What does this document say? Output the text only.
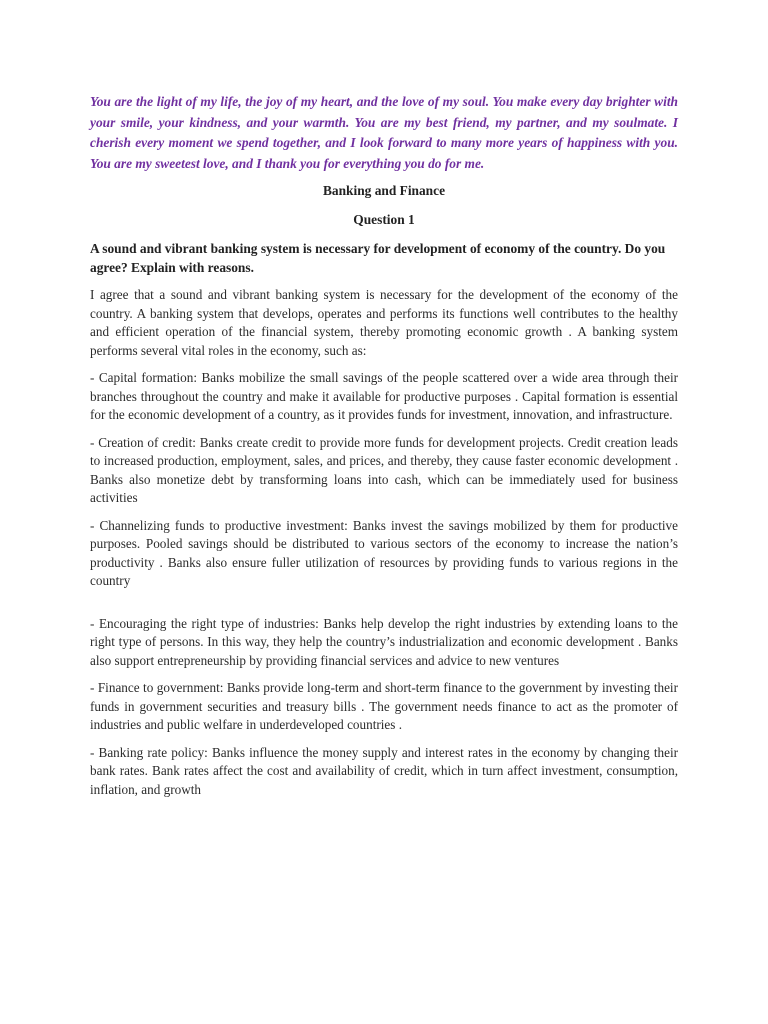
You are the light of my life, the joy of my heart, and the love of my soul. You make every day brighter with your smile, your kindness, and your warmth. You are my best friend, my partner, and my soulmate. I cherish every moment we spend together, and I look forward to many more years of happiness with you. You are my sweetest love, and I thank you for everything you do for me.

Banking and Finance

Question 1

A sound and vibrant banking system is necessary for development of economy of the country. Do you agree? Explain with reasons.

I agree that a sound and vibrant banking system is necessary for the development of the economy of the country. A banking system that develops, operates and performs its functions well contributes to the healthy and efficient operation of the financial system, thereby promoting economic growth . A banking system performs several vital roles in the economy, such as:

- Capital formation: Banks mobilize the small savings of the people scattered over a wide area through their branches throughout the country and make it available for productive purposes . Capital formation is essential for the economic development of a country, as it provides funds for investment, innovation, and infrastructure.

- Creation of credit: Banks create credit to provide more funds for development projects. Credit creation leads to increased production, employment, sales, and prices, and thereby, they cause faster economic development . Banks also monetize debt by transforming loans into cash, which can be immediately used for business activities

- Channelizing funds to productive investment: Banks invest the savings mobilized by them for productive purposes. Pooled savings should be distributed to various sectors of the economy to increase the nation’s productivity . Banks also ensure fuller utilization of resources by providing funds to various regions in the country

- Encouraging the right type of industries: Banks help develop the right industries by extending loans to the right type of persons. In this way, they help the country’s industrialization and economic development . Banks also support entrepreneurship by providing financial services and advice to new ventures

- Finance to government: Banks provide long-term and short-term finance to the government by investing their funds in government securities and treasury bills . The government needs finance to act as the promoter of industries and public welfare in underdeveloped countries .

- Banking rate policy: Banks influence the money supply and interest rates in the economy by changing their bank rates. Bank rates affect the cost and availability of credit, which in turn affect investment, consumption, inflation, and growth
